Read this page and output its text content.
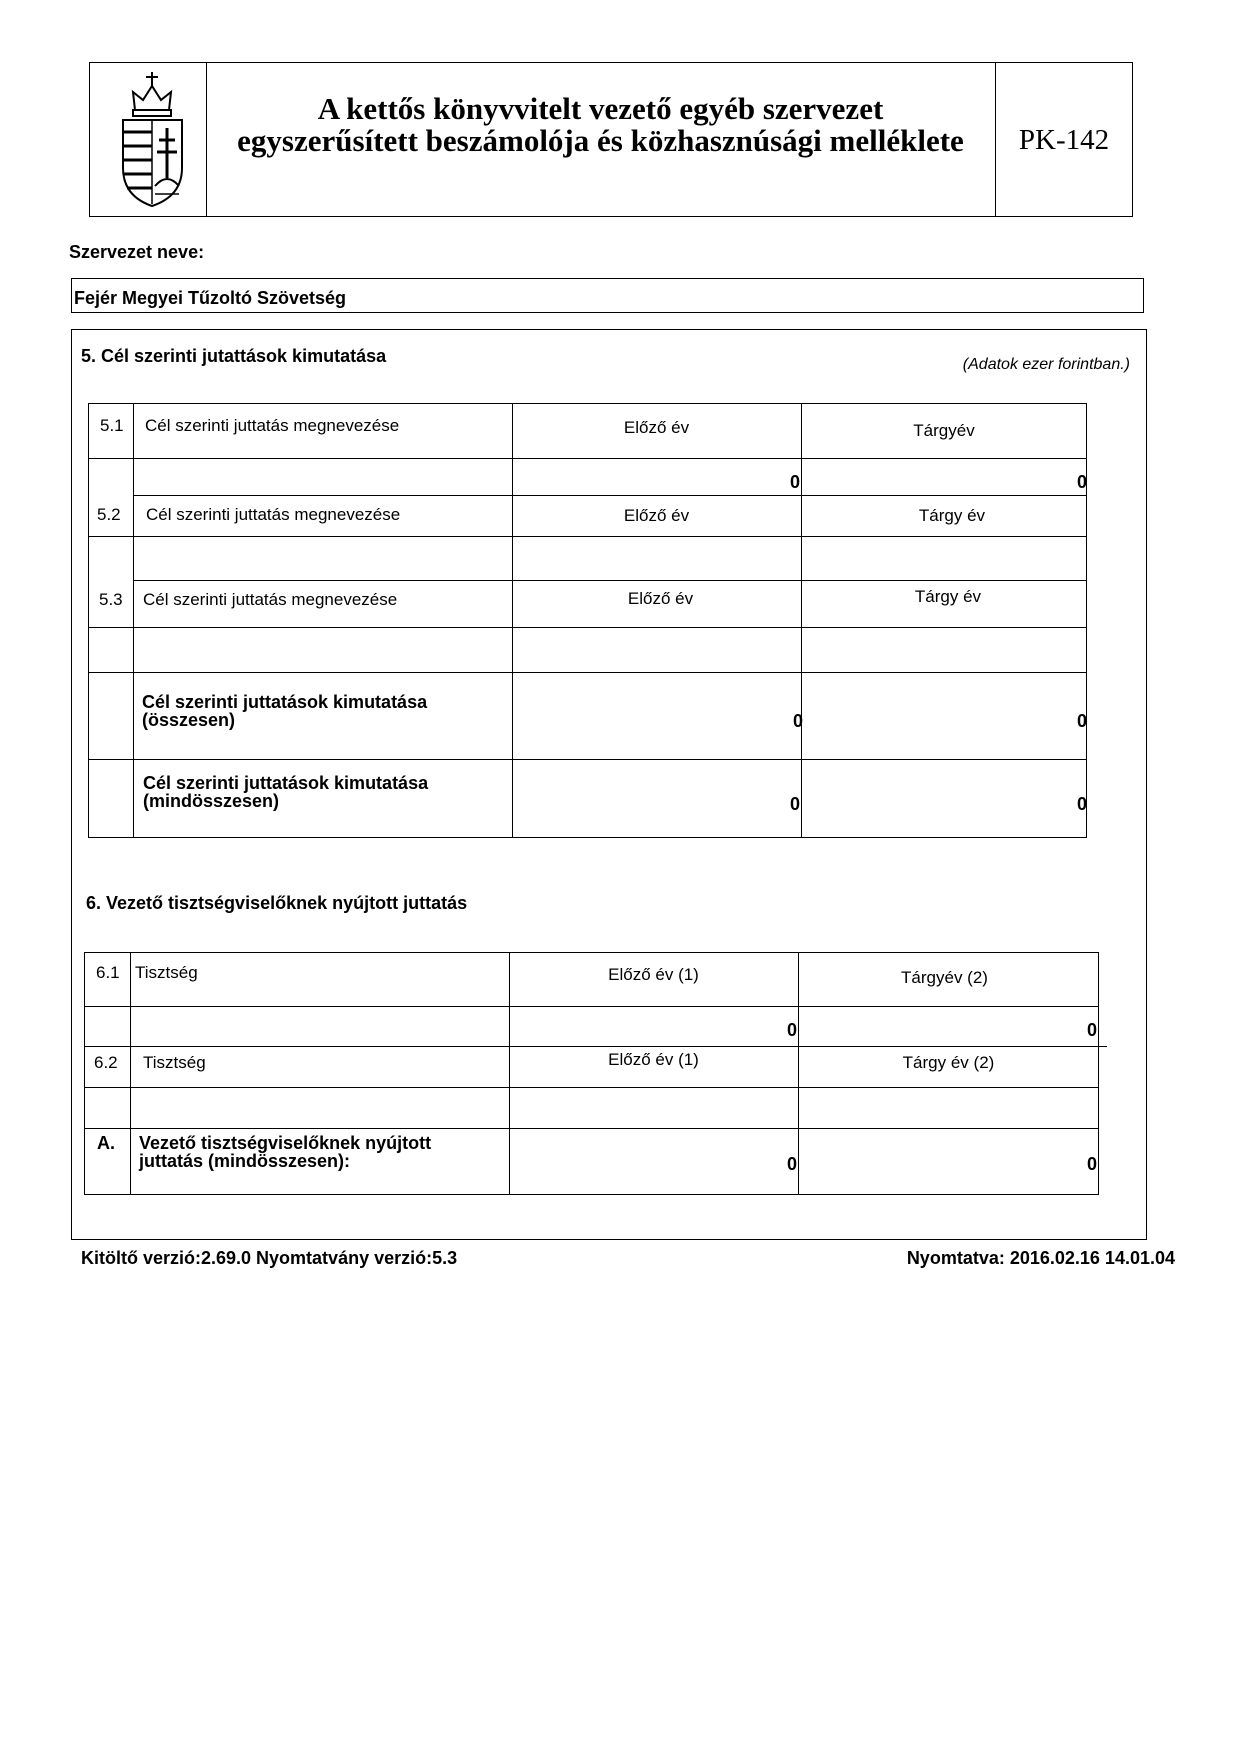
A kettős könyvvitelt vezető egyéb szervezet
egyszerűsített beszámolója és közhasznúsági melléklete	PK-142
Szervezet neve:
Fejér Megyei Tűzoltó Szövetség
5. Cél szerinti jutattások kimutatása	(Adatok ezer forintban.)
5.1 Cél szerinti juttatás megnevezése	Előző év	Tárgyév
0	0
5.2 Cél szerinti juttatás megnevezése	Előző év	Tárgy év
5.3 Cél szerinti juttatás megnevezése	Előző év	Tárgy év
Cél szerinti juttatások kimutatása
(összesen)	0	0
Cél szerinti juttatások kimutatása
(mindösszesen)	0	0
6. Vezető tisztségviselőknek nyújtott juttatás
6.1 Tisztség	Előző év (1)	Tárgyév (2)
0	0
6.2 Tisztség	Előző év (1)	Tárgy év (2)
A. Vezető tisztségviselőknek nyújtott
juttatás (mindösszesen):	0	0
Kitöltő verzió:2.69.0 Nyomtatvány verzió:5.3	Nyomtatva: 2016.02.16 14.01.04
